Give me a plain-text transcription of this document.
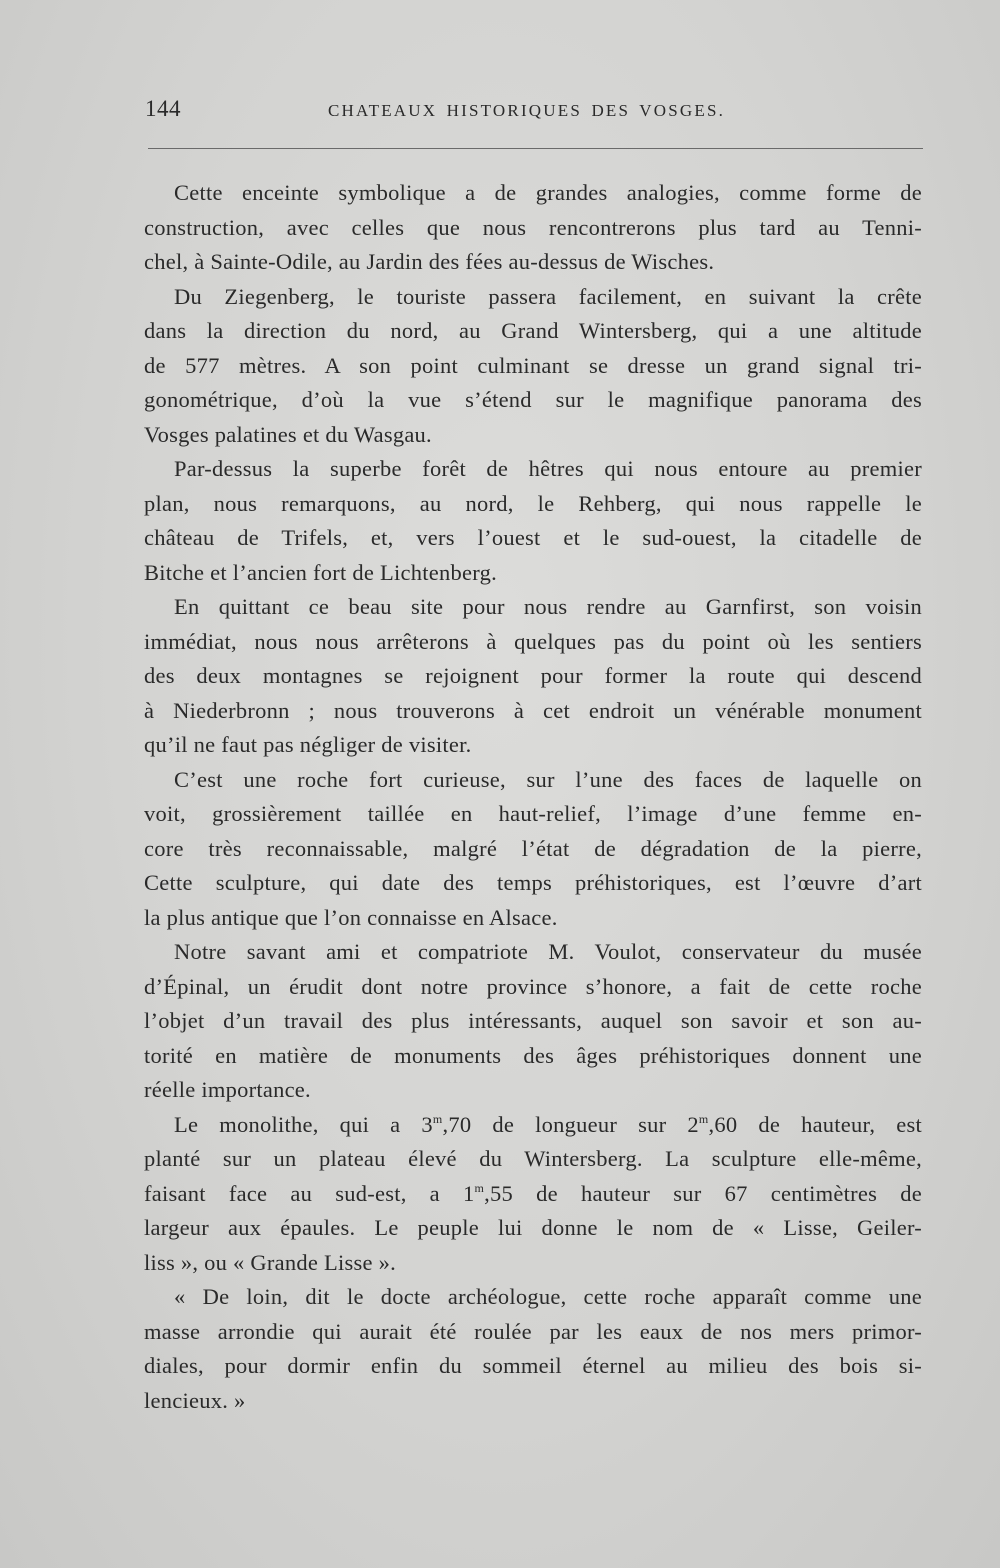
144	CHATEAUX HISTORIQUES DES VOSGES.
Cette enceinte symbolique a de grandes analogies, comme forme de
construction, avec celles que nous rencontrerons plus tard au Tenni-
chel, à Sainte-Odile, au Jardin des fées au-dessus de Wisches.
Du Ziegenberg, le touriste passera facilement, en suivant la crête
dans la direction du nord, au Grand Wintersberg, qui a une altitude
de 577 mètres. A son point culminant se dresse un grand signal tri-
gonométrique, d’où la vue s’étend sur le magnifique panorama des
Vosges palatines et du Wasgau.
Par-dessus la superbe forêt de hêtres qui nous entoure au premier
plan, nous remarquons, au nord, le Rehberg, qui nous rappelle le
château de Trifels, et, vers l’ouest et le sud-ouest, la citadelle de
Bitche et l’ancien fort de Lichtenberg.
En quittant ce beau site pour nous rendre au Garnfirst, son voisin
immédiat, nous nous arrêterons à quelques pas du point où les sentiers
des deux montagnes se rejoignent pour former la route qui descend
à Niederbronn ; nous trouverons à cet endroit un vénérable monument
qu’il ne faut pas négliger de visiter.
C’est une roche fort curieuse, sur l’une des faces de laquelle on
voit, grossièrement taillée en haut-relief, l’image d’une femme en-
core très reconnaissable, malgré l’état de dégradation de la pierre,
Cette sculpture, qui date des temps préhistoriques, est l’œuvre d’art
la plus antique que l’on connaisse en Alsace.
Notre savant ami et compatriote M. Voulot, conservateur du musée
d’Épinal, un érudit dont notre province s’honore, a fait de cette roche
l’objet d’un travail des plus intéressants, auquel son savoir et son au-
torité en matière de monuments des âges préhistoriques donnent une
réelle importance.
Le monolithe, qui a 3$^m$,70 de longueur sur 2$^m$,60 de hauteur, est
planté sur un plateau élevé du Wintersberg. La sculpture elle-même,
faisant face au sud-est, a 1$^m$,55 de hauteur sur 67 centimètres de
largeur aux épaules. Le peuple lui donne le nom de « Lisse, Geiler-
liss », ou « Grande Lisse ».
« De loin, dit le docte archéologue, cette roche apparaît comme une
masse arrondie qui aurait été roulée par les eaux de nos mers primor-
diales, pour dormir enfin du sommeil éternel au milieu des bois si-
lencieux. »
